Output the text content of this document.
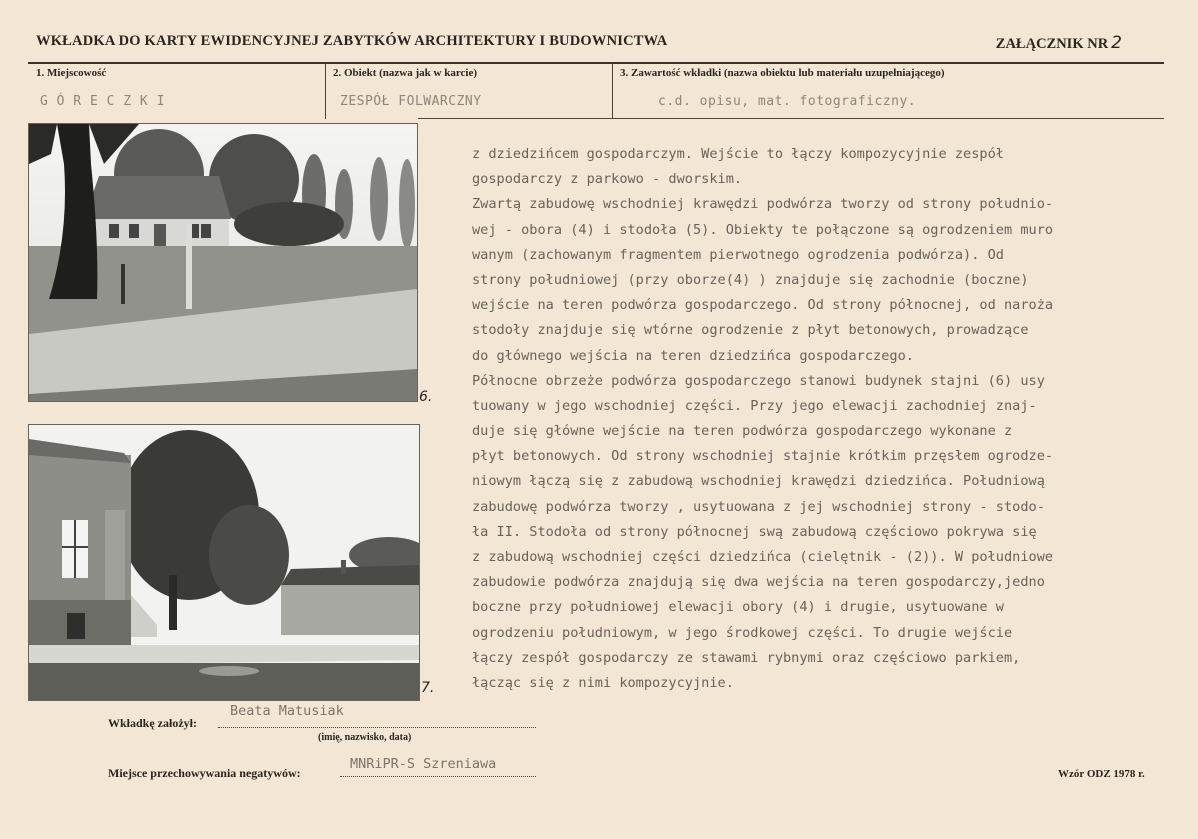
WKŁADKA DO KARTY EWIDENCYJNEJ ZABYTKÓW ARCHITEKTURY I BUDOWNICTWA	ZAŁĄCZNIK NR 2
1. Miejscowość
G Ó R E C Z K I
2. Obiekt (nazwa jak w karcie)
ZESPÓŁ FOLWARCZNY
3. Zawartość wkładki (nazwa obiektu lub materiału uzupełniającego)
c.d. opisu, mat. fotograficzny.
6.
7.
z dziedzińcem gospodarczym. Wejście to łączy kompozycyjnie zespół
gospodarczy z parkowo - dworskim.
Zwartą zabudowę wschodniej krawędzi podwórza tworzy od strony południo-
wej - obora (4) i stodoła (5). Obiekty te połączone są ogrodzeniem muro
wanym (zachowanym fragmentem pierwotnego ogrodzenia podwórza). Od
strony południowej (przy oborze(4) ) znajduje się zachodnie (boczne)
wejście na teren podwórza gospodarczego. Od strony północnej, od naroża
stodoły znajduje się wtórne ogrodzenie z płyt betonowych, prowadzące
do głównego wejścia na teren dziedzińca gospodarczego.
Północne obrzeże podwórza gospodarczego stanowi budynek stajni (6) usy
tuowany w jego wschodniej części. Przy jego elewacji zachodniej znaj-
duje się główne wejście na teren podwórza gospodarczego wykonane z
płyt betonowych. Od strony wschodniej stajnie krótkim przęsłem ogrodze-
niowym łączą się z zabudową wschodniej krawędzi dziedzińca. Południową
zabudowę podwórza tworzy , usytuowana z jej wschodniej strony - stodo-
ła II. Stodoła od strony północnej swą zabudową częściowo pokrywa się
z zabudową wschodniej części dziedzińca (cielętnik - (2)). W południowe
zabudowie podwórza znajdują się dwa wejścia na teren gospodarczy,jedno
boczne przy południowej elewacji obory (4) i drugie, usytuowane w
ogrodzeniu południowym, w jego środkowej części. To drugie wejście
łączy zespół gospodarczy ze stawami rybnymi oraz częściowo parkiem,
łącząc się z nimi kompozycyjnie.
Wkładkę założył:
Beata Matusiak
(imię, nazwisko, data)
Miejsce przechowywania negatywów:
MNRiPR-S Szreniawa
Wzór ODZ 1978 r.
